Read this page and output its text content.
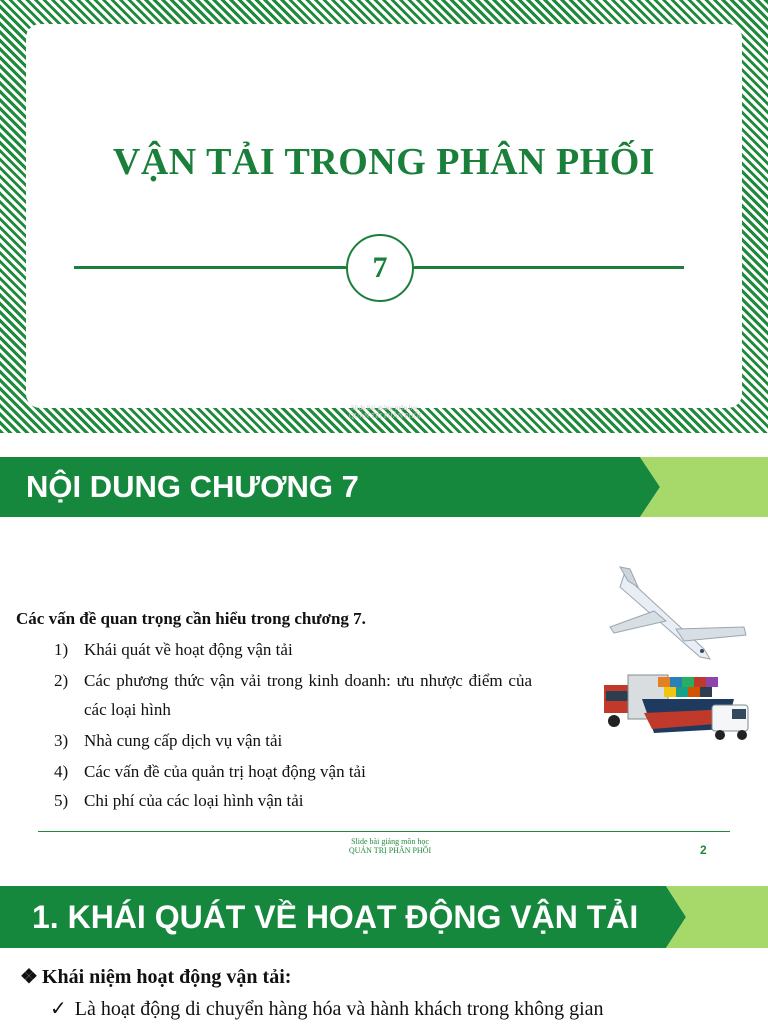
VẬN TẢI TRONG PHÂN PHỐI
7
Slide bài giảng môn học
QUẢN TRỊ PHÂN PHỐI
NỘI DUNG CHƯƠNG 7
Các vấn đề quan trọng cần hiểu trong chương 7.
1) Khái quát về hoạt động vận tải
2) Các phương thức vận vải trong kinh doanh: ưu nhược điểm của các loại hình
3) Nhà cung cấp dịch vụ vận tải
4) Các vấn đề của quản trị hoạt động vận tải
5) Chi phí của các loại hình vận tải
Slide bài giảng môn học
QUẢN TRỊ PHÂN PHỐI	2
1. KHÁI QUÁT VỀ HOẠT ĐỘNG VẬN TẢI
❖ Khái niệm hoạt động vận tải:
✓ Là hoạt động di chuyển hàng hóa và hành khách trong không gian
